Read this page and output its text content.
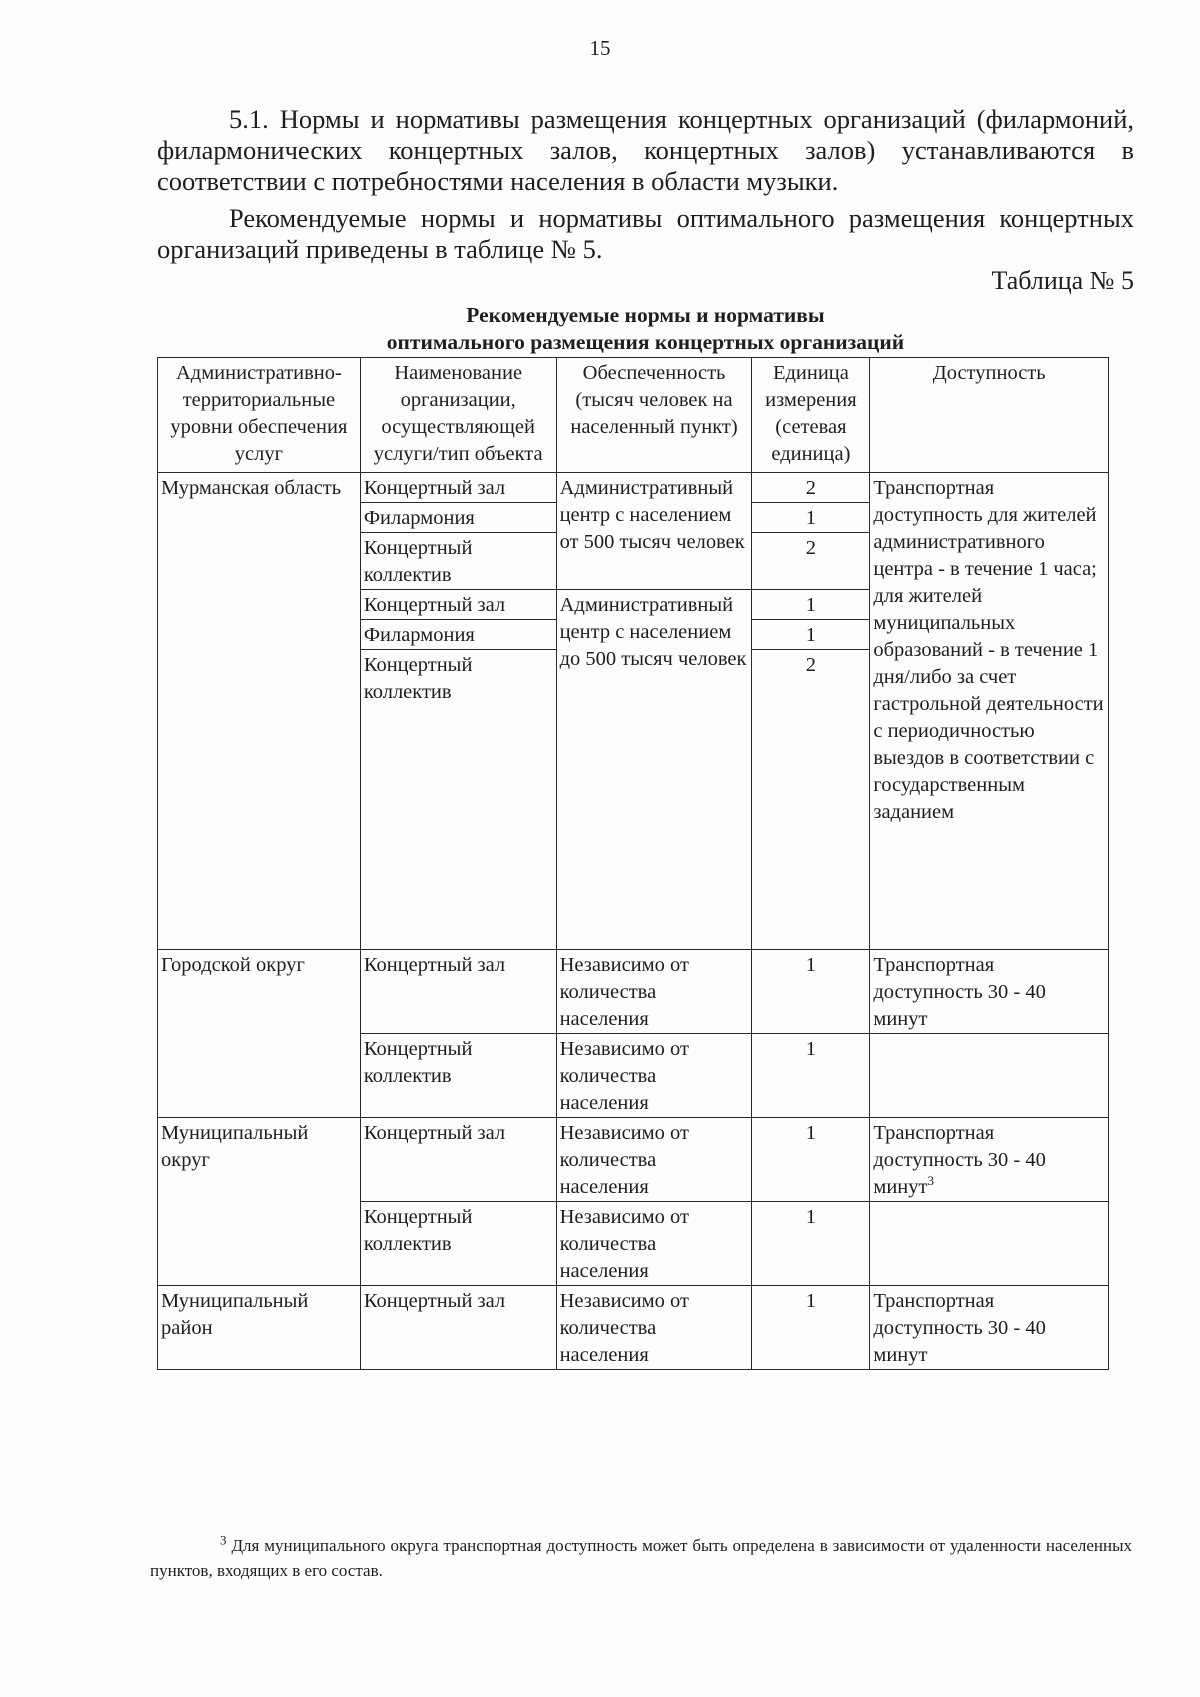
15

5.1. Нормы и нормативы размещения концертных организаций (филармоний, филармонических концертных залов, концертных залов) устанавливаются в соответствии с потребностями населения в области музыки.

Рекомендуемые нормы и нормативы оптимального размещения концертных организаций приведены в таблице № 5.

Таблица № 5
Рекомендуемые нормы и нормативы
оптимального размещения концертных организаций
Административно-территориальные уровни обеспечения услуг	Наименование организации, осуществляющей услуги/тип объекта	Обеспеченность (тысяч человек на населенный пункт)	Единица измерения (сетевая единица)	Доступность
Мурманская область	Концертный зал	Административный центр с населением от 500 тысяч человек	2	Транспортная доступность для жителей административного центра - в течение 1 часа; для жителей муниципальных образований - в течение 1 дня/либо за счет гастрольной деятельности с периодичностью выездов в соответствии с государственным заданием
	Филармония		1	
	Концертный коллектив		2	
	Концертный зал	Административный центр с населением до 500 тысяч человек	1	
	Филармония		1	
	Концертный коллектив		2	
Городской округ	Концертный зал	Независимо от количества населения	1	Транспортная доступность 30 - 40 минут
	Концертный коллектив	Независимо от количества населения	1	
Муниципальный округ	Концертный зал	Независимо от количества населения	1	Транспортная доступность 30 - 40 минут$^3$
	Концертный коллектив	Независимо от количества населения	1	
Муниципальный район	Концертный зал	Независимо от количества населения	1	Транспортная доступность 30 - 40 минут
$^3$ Для муниципального округа транспортная доступность может быть определена в зависимости от удаленности населенных пунктов, входящих в его состав.
